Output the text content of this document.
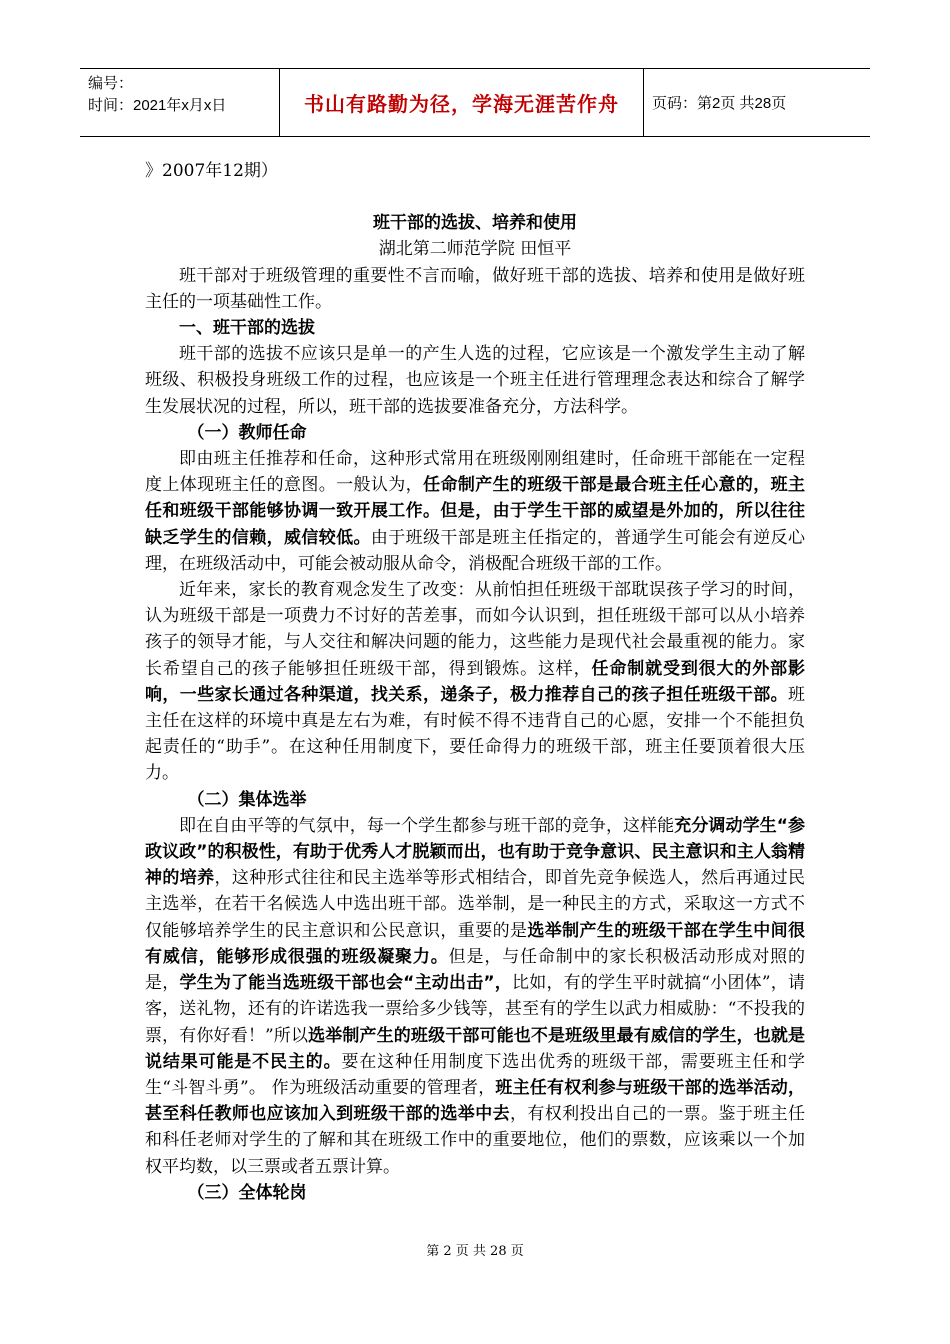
编号：
时间：2021年x月x日	书山有路勤为径，学海无涯苦作舟	页码：第2页 共28页

》2007年12期）

班干部的选拔、培养和使用

湖北第二师范学院 田恒平

班干部对于班级管理的重要性不言而喻，做好班干部的选拔、培养和使用是做好班主任的一项基础性工作。

一、班干部的选拔

班干部的选拔不应该只是单一的产生人选的过程，它应该是一个激发学生主动了解班级、积极投身班级工作的过程，也应该是一个班主任进行管理理念表达和综合了解学生发展状况的过程，所以，班干部的选拔要准备充分，方法科学。

（一）教师任命

即由班主任推荐和任命，这种形式常用在班级刚刚组建时，任命班干部能在一定程度上体现班主任的意图。一般认为，任命制产生的班级干部是最合班主任心意的，班主任和班级干部能够协调一致开展工作。但是，由于学生干部的威望是外加的，所以往往缺乏学生的信赖，威信较低。由于班级干部是班主任指定的，普通学生可能会有逆反心理，在班级活动中，可能会被动服从命令，消极配合班级干部的工作。

近年来，家长的教育观念发生了改变：从前怕担任班级干部耽误孩子学习的时间，认为班级干部是一项费力不讨好的苦差事，而如今认识到，担任班级干部可以从小培养孩子的领导才能，与人交往和解决问题的能力，这些能力是现代社会最重视的能力。家长希望自己的孩子能够担任班级干部，得到锻炼。这样，任命制就受到很大的外部影响，一些家长通过各种渠道，找关系，递条子，极力推荐自己的孩子担任班级干部。班主任在这样的环境中真是左右为难，有时候不得不违背自己的心愿，安排一个不能担负起责任的“助手”。在这种任用制度下，要任命得力的班级干部，班主任要顶着很大压力。

（二）集体选举

即在自由平等的气氛中，每一个学生都参与班干部的竞争，这样能充分调动学生“参政议政”的积极性，有助于优秀人才脱颖而出，也有助于竞争意识、民主意识和主人翁精神的培养，这种形式往往和民主选举等形式相结合，即首先竞争候选人，然后再通过民主选举，在若干名候选人中选出班干部。选举制，是一种民主的方式，采取这一方式不仅能够培养学生的民主意识和公民意识，重要的是选举制产生的班级干部在学生中间很有威信，能够形成很强的班级凝聚力。但是，与任命制中的家长积极活动形成对照的是，学生为了能当选班级干部也会“主动出击”，比如，有的学生平时就搞“小团体”，请客，送礼物，还有的许诺选我一票给多少钱等，甚至有的学生以武力相威胁：“不投我的票，有你好看！”所以选举制产生的班级干部可能也不是班级里最有威信的学生，也就是说结果可能是不民主的。要在这种任用制度下选出优秀的班级干部，需要班主任和学生“斗智斗勇”。 作为班级活动重要的管理者，班主任有权利参与班级干部的选举活动，甚至科任教师也应该加入到班级干部的选举中去，有权利投出自己的一票。鉴于班主任和科任老师对学生的了解和其在班级工作中的重要地位，他们的票数，应该乘以一个加权平均数，以三票或者五票计算。

（三）全体轮岗

第 2 页 共 28 页
